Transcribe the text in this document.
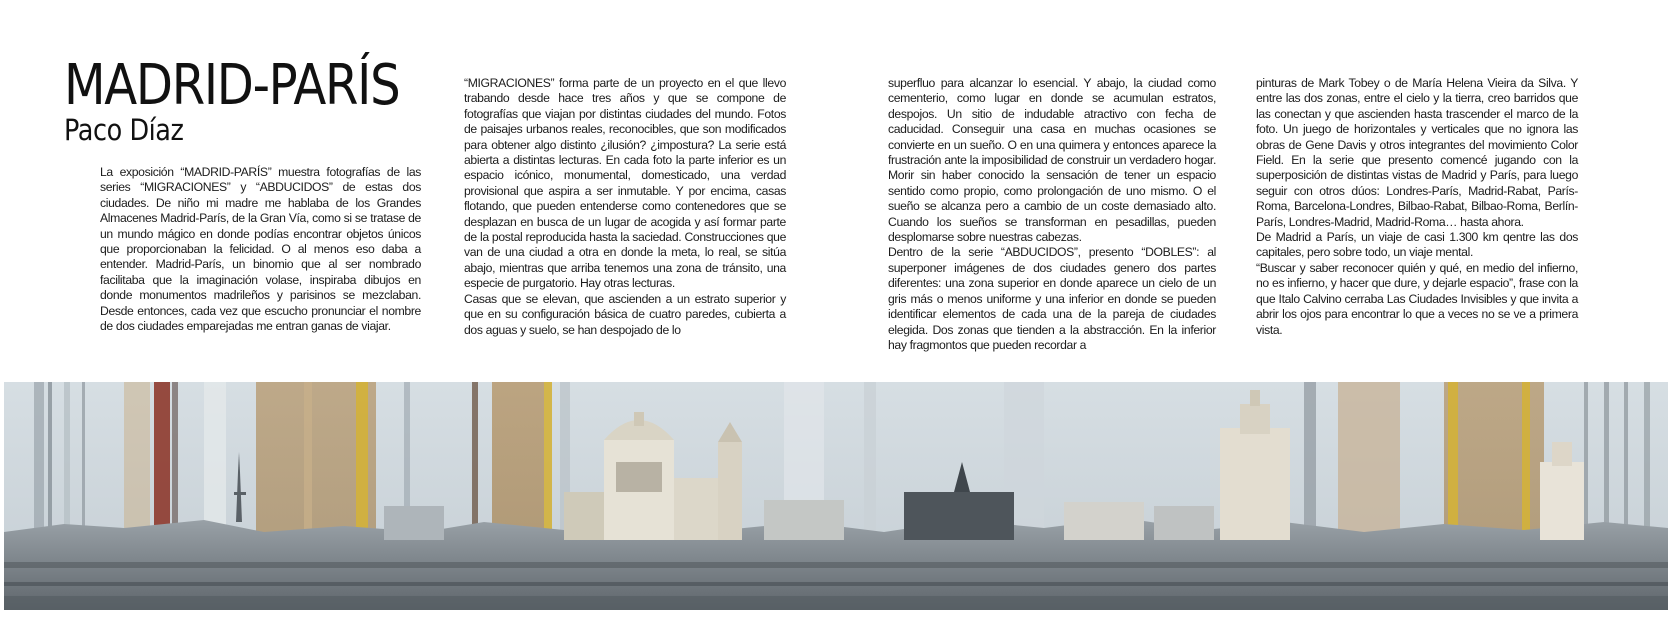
MADRID-PARÍS
Paco Díaz

La exposición “MADRID-PARÍS” muestra fotografías de las series “MIGRACIONES” y “ABDUCIDOS” de estas dos ciudades. De niño mi madre me hablaba de los Grandes Almacenes Madrid-París, de la Gran Vía, como si se tratase de un mundo mágico en donde podías encontrar objetos únicos que proporcionaban la felicidad. O al menos eso daba a entender. Madrid-París, un binomio que al ser nombrado facilitaba que la imaginación volase, inspiraba dibujos en donde monumentos madrileños y parisinos se mezclaban. Desde entonces, cada vez que escucho pronunciar el nombre de dos ciudades emparejadas me entran ganas de viajar.

“MIGRACIONES” forma parte de un proyecto en el que llevo trabando desde hace tres años y que se compone de fotografías que viajan por distintas ciudades del mundo. Fotos de paisajes urbanos reales, reconocibles, que son modificados para obtener algo distinto ¿ilusión? ¿impostura? La serie está abierta a distintas lecturas. En cada foto la parte inferior es un espacio icónico, monumental, domesticado, una verdad provisional que aspira a ser inmutable. Y por encima, casas flotando, que pueden entenderse como contenedores que se desplazan en busca de un lugar de acogida y así formar parte de la postal reproducida hasta la saciedad. Construcciones que van de una ciudad a otra en donde la meta, lo real, se sitúa abajo, mientras que arriba tenemos una zona de tránsito, una especie de purgatorio. Hay otras lecturas.

Casas que se elevan, que ascienden a un estrato superior y que en su configuración básica de cuatro paredes, cubierta a dos aguas y suelo, se han despojado de lo

superfluo para alcanzar lo esencial. Y abajo, la ciudad como cementerio, como lugar en donde se acumulan estratos, despojos. Un sitio de indudable atractivo con fecha de caducidad. Conseguir una casa en muchas ocasiones se convierte en un sueño. O en una quimera y entonces aparece la frustración ante la imposibilidad de construir un verdadero hogar. Morir sin haber conocido la sensación de tener un espacio sentido como propio, como prolongación de uno mismo. O el sueño se alcanza pero a cambio de un coste demasiado alto. Cuando los sueños se transforman en pesadillas, pueden desplomarse sobre nuestras cabezas.

Dentro de la serie “ABDUCIDOS”, presento “DOBLES”: al superponer imágenes de dos ciudades genero dos partes diferentes: una zona superior en donde aparece un cielo de un gris más o menos uniforme y una inferior en donde se pueden identificar elementos de cada una de la pareja de ciudades elegida. Dos zonas que tienden a la abstracción. En la inferior hay fragmontos que pueden recordar a

pinturas de Mark Tobey o de María Helena Vieira da Silva. Y entre las dos zonas, entre el cielo y la tierra, creo barridos que las conectan y que ascienden hasta trascender el marco de la foto. Un juego de horizontales y verticales que no ignora las obras de Gene Davis y otros integrantes del movimiento Color Field. En la serie que presento comencé jugando con la superposición de distintas vistas de Madrid y París, para luego seguir con otros dúos: Londres-París, Madrid-Rabat, París-Roma, Barcelona-Londres, Bilbao-Rabat, Bilbao-Roma, Berlín-París, Londres-Madrid, Madrid-Roma… hasta ahora.

De Madrid a París, un viaje de casi 1.300 km qentre las dos capitales, pero sobre todo, un viaje mental.

“Buscar y saber reconocer quién y qué, en medio del infierno, no es infierno, y hacer que dure, y dejarle espacio”, frase con la que Italo Calvino cerraba Las Ciudades Invisibles y que invita a abrir los ojos para encontrar lo que a veces no se ve a primera vista.
